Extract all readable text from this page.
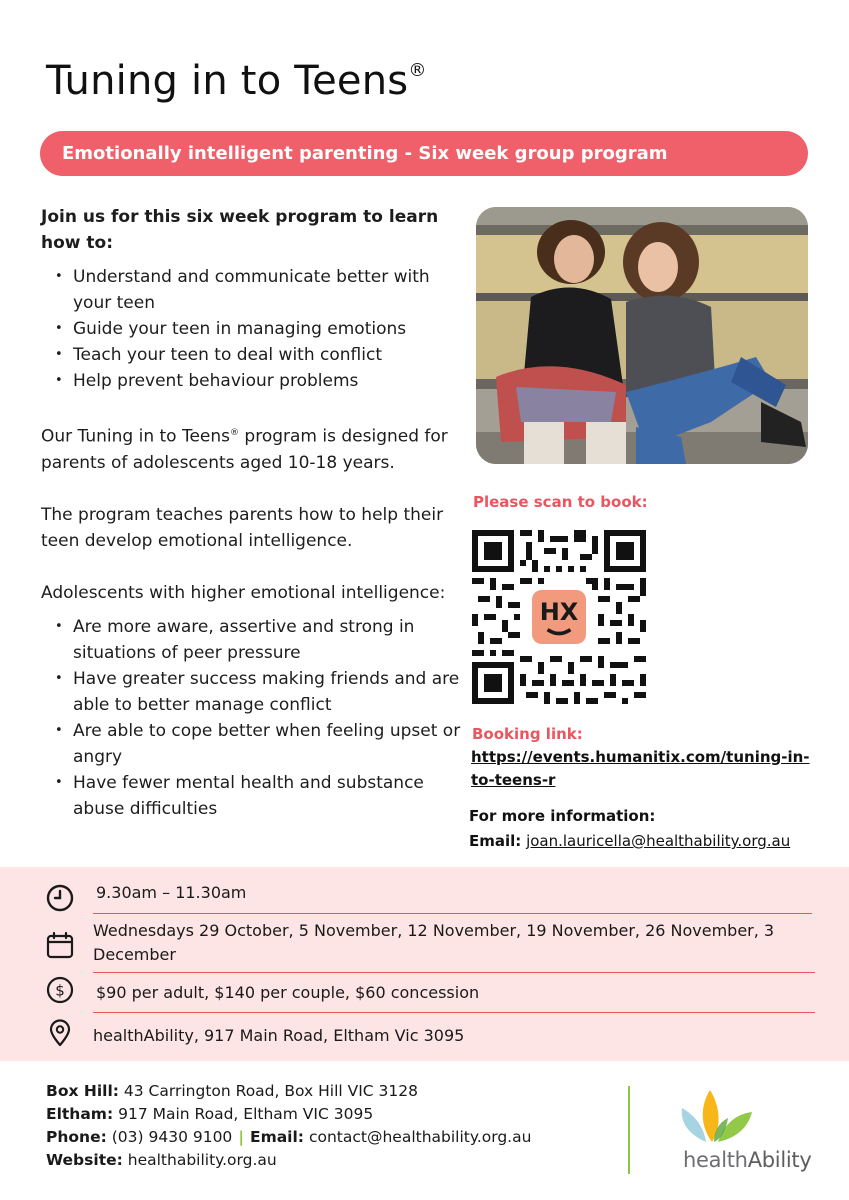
Tuning in to Teens®
Emotionally intelligent parenting - Six week group program
Join us for this six week program to learn how to:
• Understand and communicate better with your teen
• Guide your teen in managing emotions
• Teach your teen to deal with conflict
• Help prevent behaviour problems

Our Tuning in to Teens® program is designed for parents of adolescents aged 10-18 years.

The program teaches parents how to help their teen develop emotional intelligence.

Adolescents with higher emotional intelligence:
• Are more aware, assertive and strong in situations of peer pressure
• Have greater success making friends and are able to better manage conflict
• Are able to cope better when feeling upset or angry
• Have fewer mental health and substance abuse difficulties
Please scan to book:
HX
Booking link:
https://events.humanitix.com/tuning-in-to-teens-r
For more information:
Email: joan.lauricella@healthability.org.au
9.30am – 11.30am
Wednesdays 29 October, 5 November, 12 November, 19 November, 26 November, 3 December
$ $90 per adult, $140 per couple, $60 concession
healthAbility, 917 Main Road, Eltham Vic 3095
Box Hill: 43 Carrington Road, Box Hill VIC 3128
Eltham: 917 Main Road, Eltham VIC 3095
Phone: (03) 9430 9100 | Email: contact@healthability.org.au
Website: healthability.org.au	healthAbility
